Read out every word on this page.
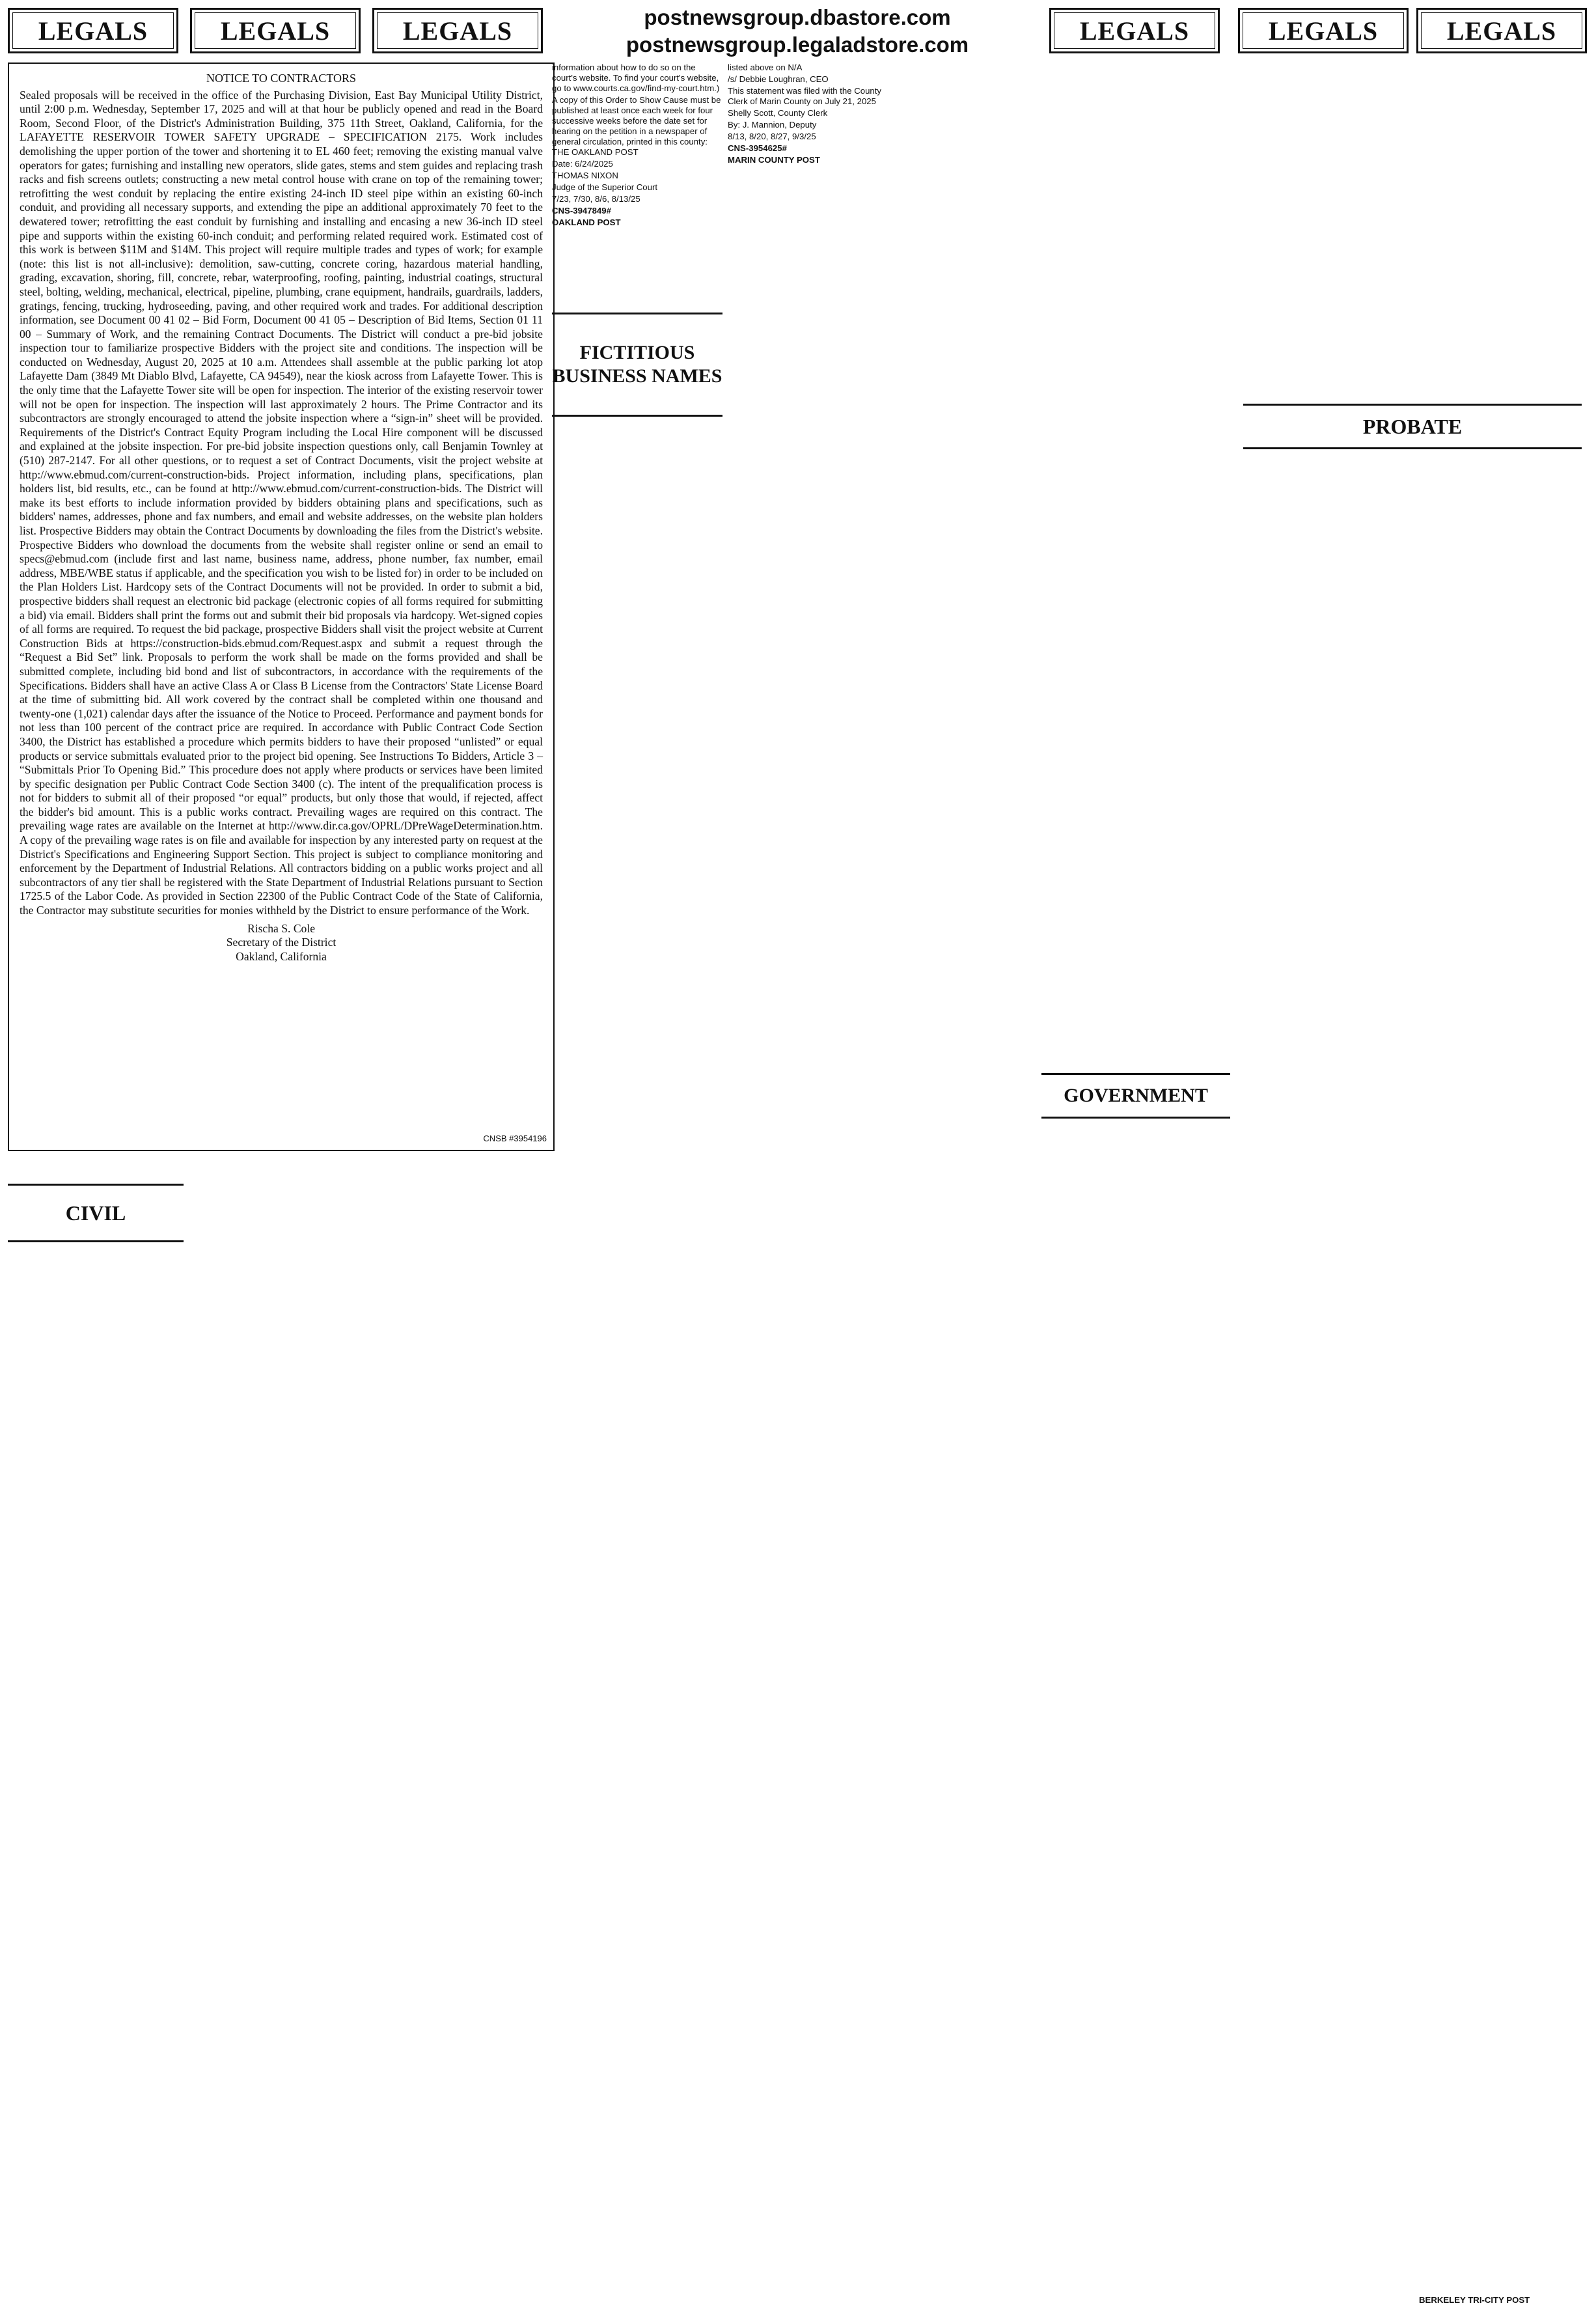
LEGALS	LEGALS	LEGALS	postnewsgroup.dbastore.com
postnewsgroup.legaladstore.com	LEGALS	LEGALS	LEGALS
NOTICE TO CONTRACTORS
Sealed proposals will be received in the office of the Purchasing Division, East Bay Municipal Utility District, until 2:00 p.m. Wednesday, September 17, 2025 and will at that hour be publicly opened and read in the Board Room, Second Floor, of the District's Administration Building, 375 11th Street, Oakland, California, for the LAFAYETTE RESERVOIR TOWER SAFETY UPGRADE – SPECIFICATION 2175. Work includes demolishing the upper portion of the tower and shortening it to EL 460 feet; removing the existing manual valve operators for gates; furnishing and installing new operators, slide gates, stems and stem guides and replacing trash racks and fish screens outlets; constructing a new metal control house with crane on top of the remaining tower; retrofitting the west conduit by replacing the entire existing 24-inch ID steel pipe within an existing 60-inch conduit, and providing all necessary supports, and extending the pipe an additional approximately 70 feet to the dewatered tower; retrofitting the east conduit by furnishing and installing and encasing a new 36-inch ID steel pipe and supports within the existing 60-inch conduit; and performing related required work. Estimated cost of this work is between $11M and $14M. This project will require multiple trades and types of work; for example (note: this list is not all-inclusive): demolition, saw-cutting, concrete coring, hazardous material handling, grading, excavation, shoring, fill, concrete, rebar, waterproofing, roofing, painting, industrial coatings, structural steel, bolting, welding, mechanical, electrical, pipeline, plumbing, crane equipment, handrails, guardrails, ladders, gratings, fencing, trucking, hydroseeding, paving, and other required work and trades. For additional description information, see Document 00 41 02 – Bid Form, Document 00 41 05 – Description of Bid Items, Section 01 11 00 – Summary of Work, and the remaining Contract Documents. The District will conduct a pre-bid jobsite inspection tour to familiarize prospective Bidders with the project site and conditions. The inspection will be conducted on Wednesday, August 20, 2025 at 10 a.m. Attendees shall assemble at the public parking lot atop Lafayette Dam (3849 Mt Diablo Blvd, Lafayette, CA 94549), near the kiosk across from Lafayette Tower. This is the only time that the Lafayette Tower site will be open for inspection. The interior of the existing reservoir tower will not be open for inspection. The inspection will last approximately 2 hours. The Prime Contractor and its subcontractors are strongly encouraged to attend the jobsite inspection where a “sign-in” sheet will be provided. Requirements of the District's Contract Equity Program including the Local Hire component will be discussed and explained at the jobsite inspection. For pre-bid jobsite inspection questions only, call Benjamin Townley at (510) 287-2147. For all other questions, or to request a set of Contract Documents, visit the project website at http://www.ebmud.com/current-construction-bids. Project information, including plans, specifications, plan holders list, bid results, etc., can be found at http://www.ebmud.com/current-construction-bids. The District will make its best efforts to include information provided by bidders obtaining plans and specifications, such as bidders' names, addresses, phone and fax numbers, and email and website addresses, on the website plan holders list. Prospective Bidders may obtain the Contract Documents by downloading the files from the District's website. Prospective Bidders who download the documents from the website shall register online or send an email to specs@ebmud.com (include first and last name, business name, address, phone number, fax number, email address, MBE/WBE status if applicable, and the specification you wish to be listed for) in order to be included on the Plan Holders List. Hardcopy sets of the Contract Documents will not be provided. In order to submit a bid, prospective bidders shall request an electronic bid package (electronic copies of all forms required for submitting a bid) via email. Bidders shall print the forms out and submit their bid proposals via hardcopy. Wet-signed copies of all forms are required. To request the bid package, prospective Bidders shall visit the project website at Current Construction Bids at https://construction-bids.ebmud.com/Request.aspx and submit a request through the “Request a Bid Set” link. Proposals to perform the work shall be made on the forms provided and shall be submitted complete, including bid bond and list of subcontractors, in accordance with the requirements of the Specifications. Bidders shall have an active Class A or Class B License from the Contractors' State License Board at the time of submitting bid. All work covered by the contract shall be completed within one thousand and twenty-one (1,021) calendar days after the issuance of the Notice to Proceed. Performance and payment bonds for not less than 100 percent of the contract price are required. In accordance with Public Contract Code Section 3400, the District has established a procedure which permits bidders to have their proposed “unlisted” or equal products or service submittals evaluated prior to the project bid opening. See Instructions To Bidders, Article 3 – “Submittals Prior To Opening Bid.” This procedure does not apply where products or services have been limited by specific designation per Public Contract Code Section 3400 (c). The intent of the prequalification process is not for bidders to submit all of their proposed “or equal” products, but only those that would, if rejected, affect the bidder's bid amount. This is a public works contract. Prevailing wages are required on this contract. The prevailing wage rates are available on the Internet at http://www.dir.ca.gov/OPRL/DPreWageDetermination.htm. A copy of the prevailing wage rates is on file and available for inspection by any interested party on request at the District's Specifications and Engineering Support Section. This project is subject to compliance monitoring and enforcement by the Department of Industrial Relations. All contractors bidding on a public works project and all subcontractors of any tier shall be registered with the State Department of Industrial Relations pursuant to Section 1725.5 of the Labor Code. As provided in Section 22300 of the Public Contract Code of the State of California, the Contractor may substitute securities for monies withheld by the District to ensure performance of the Work.
Rischa S. Cole
Secretary of the District
Oakland, California
CNSB #3954196
CIVIL
FICTITIOUS BUSINESS NAMES
GOVERNMENT
PROBATE

information about how to do so on the court's website. To find your court's website, go to www.courts.ca.gov/find-my-court.htm.)

A copy of this Order to Show Cause must be published at least once each week for four successive weeks before the date set for hearing on the petition in a newspaper of general circulation, printed in this county: THE OAKLAND POST

Date: 6/24/2025

THOMAS NIXON

Judge of the Superior Court

7/23, 7/30, 8/6, 8/13/25

CNS-3947849#

OAKLAND POST

listed above on N/A

/s/ Debbie Loughran, CEO

This statement was filed with the County Clerk of Marin County on July 21, 2025

Shelly Scott, County Clerk

By: J. Mannion, Deputy

8/13, 8/20, 8/27, 9/3/25

CNS-3954625#

MARIN COUNTY POST

BERKELEY TRI-CITY POST
